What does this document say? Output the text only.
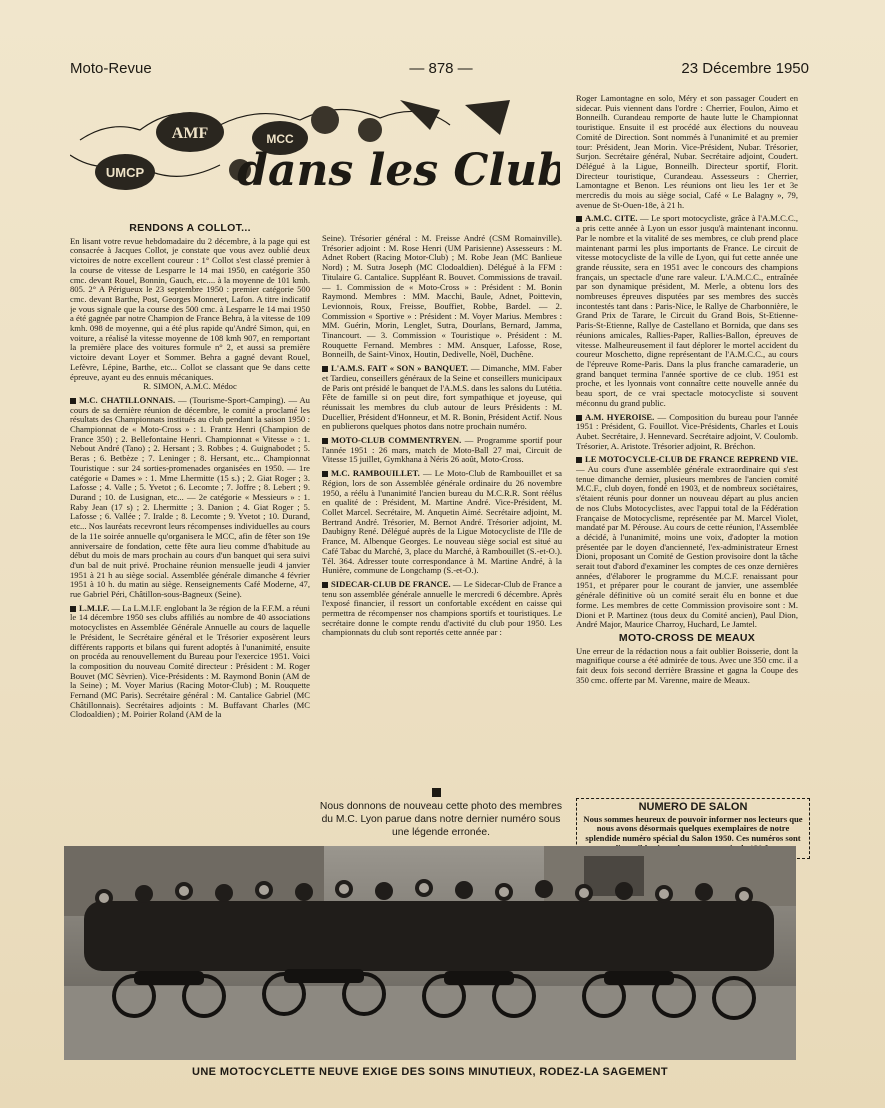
Moto-Revue	— 878 —	23 Décembre 1950
AMF
UMCP
MCC
dans les Clubs
RENDONS A COLLOT...
En lisant votre revue hebdomadaire du 2 décembre, à la page qui est consacrée à Jacques Collot, je constate que vous avez oublié deux victoires de notre excellent coureur : 1° Collot s'est classé premier à la course de vitesse de Lesparre le 14 mai 1950, en catégorie 350 cmc. devant Rouel, Bonnin, Gauch, etc.... à la moyenne de 101 kmh. 805. 2° A Périgueux le 23 septembre 1950 : premier catégorie 500 cmc. devant Barthe, Post, Georges Monneret, Lafon. A titre indicatif je vous signale que la course des 500 cmc. à Lesparre le 14 mai 1950 a été gagnée par notre Champion de France Behra, à la vitesse de 109 kmh. 098 de moyenne, qui a été plus rapide qu'André Simon, qui, en voiture, a réalisé la vitesse moyenne de 108 kmh 907, en remportant la première place des voitures formule n° 2, et aussi sa première victoire devant Loyer et Sommer. Behra a gagné devant Rouel, Lefèvre, Lépine, Barthe, etc... Collot se classant que 9e dans cette épreuve, ayant eu des ennuis mécaniques.
R. SIMON, A.M.C. Médoc
M.C. CHATILLONNAIS. — (Tourisme-Sport-Camping). — Au cours de sa dernière réunion de décembre, le comité a proclamé les résultats des Championnats institués au club pendant la saison 1950 : Championnat de « Moto-Cross » : 1. Frantz Henri (Champion de France 350) ; 2. Bellefontaine Henri. Championnat « Vitesse » : 1. Nebout André (Tano) ; 2. Hersant ; 3. Robbes ; 4. Guignabodet ; 5. Beras ; 6. Betbèze ; 7. Leninger ; 8. Hersant, etc... Championnat Touristique : sur 24 sorties-promenades organisées en 1950. — 1re catégorie « Dames » : 1. Mme Lhermitte (15 s.) ; 2. Giat Roger ; 3. Lafosse ; 4. Valle ; 5. Yvetot ; 6. Lecomte ; 7. Joffre ; 8. Lebert ; 9. Durand ; 10. de Lusignan, etc... — 2e catégorie « Messieurs » : 1. Raby Jean (17 s) ; 2. Lhermitte ; 3. Danion ; 4. Giat Roger ; 5. Lafosse ; 6. Vallée ; 7. Iralde ; 8. Lecomte ; 9. Yvetot ; 10. Durand, etc... Nos lauréats recevront leurs récompenses individuelles au cours de la 11e soirée annuelle qu'organisera le MCC, afin de fêter son 19e anniversaire de fondation, cette fête aura lieu comme d'habitude au début du mois de mars prochain au cours d'un banquet qui sera suivi d'un bal de nuit privé. Prochaine réunion mensuelle jeudi 4 janvier 1951 à 21 h au siège social. Assemblée générale dimanche 4 février 1951 à 10 h. du matin au siège. Renseignements Café Moderne, 47, rue Gabriel Péri, Châtillon-sous-Bagneux (Seine).
L.M.I.F. — La L.M.I.F. englobant la 3e région de la F.F.M. a réuni le 14 décembre 1950 ses clubs affiliés au nombre de 40 associations motocyclistes en Assemblée Générale Annuelle au cours de laquelle le Président, le Secrétaire général et le Trésorier exposèrent leurs différents rapports et bilans qui furent adoptés à l'unanimité, ensuite on procéda au renouvellement du Bureau pour l'exercice 1951. Voici la composition du nouveau Comité directeur : Président : M. Roger Bouvet (MC Sèvrien). Vice-Présidents : M. Raymond Bonin (AM de la Seine) ; M. Voyer Marius (Racing Motor-Club) ; M. Rouquette Fernand (MC Paris). Secrétaire général : M. Cantalice Gabriel (MC Châtillonnais). Secrétaires adjoints : M. Buffavant Charles (MC Clodoaldien) ; M. Poirier Roland (AM de la
Seine). Trésorier général : M. Freisse André (CSM Romainville). Trésorier adjoint : M. Rose Henri (UM Parisienne) Assesseurs : M. Adnet Robert (Racing Motor-Club) ; M. Robe Jean (MC Banlieue Nord) ; M. Sutra Joseph (MC Clodoaldien). Délégué à la FFM : Titulaire G. Cantalice. Suppléant R. Bouvet. Commissions de travail. — 1. Commission de « Moto-Cross » : Président : M. Bonin Raymond. Membres : MM. Macchi, Baule, Adnet, Poittevin, Levionnois, Roux, Freisse, Bouffiet, Robbe, Bardel. — 2. Commission « Sportive » : Président : M. Voyer Marius. Membres : MM. Guérin, Morin, Lenglet, Sutra, Dourlans, Bernard, Jamma, Tinancourt. — 3. Commission « Touristique ». Président : M. Rouquette Fernand. Membres : MM. Ansquer, Lafosse, Rose, Bonneilh, de Saint-Vinox, Houtin, Dedivelle, Noël, Duchêne.
L'A.M.S. FAIT « SON » BANQUET. — Dimanche, MM. Faber et Tardieu, conseillers généraux de la Seine et conseillers municipaux de Paris ont présidé le banquet de l'A.M.S. dans les salons du Lutétia. Fête de famille si on peut dire, fort sympathique et joyeuse, qui réunissait les membres du club autour de leurs Présidents : M. Ducellier, Président d'Honneur, et M. R. Bonin, Président Actif. Nous en publierons quelques photos dans notre prochain numéro.
MOTO-CLUB COMMENTRYEN. — Programme sportif pour l'année 1951 : 26 mars, match de Moto-Ball 27 mai, Circuit de Vitesse 15 juillet, Gymkhana à Néris 26 août, Moto-Cross.
M.C. RAMBOUILLET. — Le Moto-Club de Rambouillet et sa Région, lors de son Assemblée générale ordinaire du 26 novembre 1950, a réélu à l'unanimité l'ancien bureau du M.C.R.R. Sont réélus en qualité de : Président, M. Martine André. Vice-Président, M. Collet Marcel. Secrétaire, M. Anquetin Aimé. Secrétaire adjoint, M. Bertrand André. Trésorier, M. Bernot André. Trésorier adjoint, M. Daubigny René. Délégué auprès de la Ligue Motocycliste de l'Ile de France, M. Albenque Georges. Le nouveau siège social est situé au Café Tabac du Marché, 3, place du Marché, à Rambouillet (S.-et-O.). Tél. 364. Adresser toute correspondance à M. Martine André, à la Hunière, commune de Longchamp (S.-et-O.).
SIDECAR-CLUB DE FRANCE. — Le Sidecar-Club de France a tenu son assemblée générale annuelle le mercredi 6 décembre. Après l'exposé financier, il ressort un confortable excédent en caisse qui permettra de récompenser nos champions sportifs et touristiques. Le secrétaire donne le compte rendu d'activité du club pour 1950. Les championnats du club sont reportés cette année par :
Nous donnons de nouveau cette photo des membres du M.C. Lyon parue dans notre dernier numéro sous une légende erronée.
Roger Lamontagne en solo, Méry et son passager Coudert en sidecar. Puis viennent dans l'ordre : Cherrier, Foulon, Aimo et Bonneilh. Curandeau remporte de haute lutte le Championnat touristique. Ensuite il est procédé aux élections du nouveau Comité de Direction. Sont nommés à l'unanimité et au premier tour: Président, Jean Morin. Vice-Président, Nubar. Trésorier, Surjon. Secrétaire général, Nubar. Secrétaire adjoint, Coudert. Délégué à la Ligue, Bonneilh. Directeur sportif, Florit. Directeur touristique, Curandeau. Assesseurs : Cherrier, Lamontagne et Benon. Les réunions ont lieu les 1er et 3e mercredis du mois au siège social, Café « Le Balagny », 79, avenue de St-Ouen-18e, à 21 h.
A.M.C. CITE. — Le sport motocycliste, grâce à l'A.M.C.C., a pris cette année à Lyon un essor jusqu'à maintenant inconnu. Par le nombre et la vitalité de ses membres, ce club prend place maintenant parmi les plus importants de France. Le circuit de vitesse motocycliste de la ville de Lyon, qui fut cette année une grande réussite, sera en 1951 avec le concours des champions français, un spectacle d'une rare valeur. L'A.M.C.C., entraînée par son dynamique président, M. Merle, a obtenu lors des nombreuses épreuves disputées par ses membres des succès incontestés tant dans : Paris-Nice, le Rallye de Charbonnière, le Grand Prix de Tarare, le Circuit du Grand Bois, St-Etienne-Paris-St-Etienne, Rallye de Castellano et Bornida, que dans ses réunions amicales, Rallies-Paper, Rallies-Ballon, épreuves de vitesse. Malheureusement il faut déplorer le mortel accident du coureur Moschetto, digne représentant de l'A.M.C.C., au cours de l'épreuve Rome-Paris. Dans la plus franche camaraderie, un grand banquet termina l'année sportive de ce club. 1951 est proche, et les lyonnais vont connaître cette nouvelle année du beau sport, de ce vrai spectacle motocycliste si souvent méconnu du grand public.
A.M. HYEROISE. — Composition du bureau pour l'année 1951 : Président, G. Fouillot. Vice-Présidents, Charles et Louis Aubet. Secrétaire, J. Hennevard. Secrétaire adjoint, V. Coulomb. Trésorier, A. Aristote. Trésorier adjoint, R. Bréchon.
LE MOTOCYCLE-CLUB DE FRANCE REPREND VIE. — Au cours d'une assemblée générale extraordinaire qui s'est tenue dimanche dernier, plusieurs membres de l'ancien comité M.C.F., club doyen, fondé en 1903, et de nombreux sociétaires, s'étaient réunis pour donner un nouveau départ au plus ancien de nos Clubs Motocyclistes, avec l'appui total de la Fédération Française de Motocyclisme, représentée par M. Marcel Violet, mandaté par M. Pérouse. Au cours de cette réunion, l'Assemblée a décidé, à l'unanimité, moins une voix, d'adopter la motion présentée par le doyen d'ancienneté, l'ex-administrateur Ernest Dioni, proposant un Comité de Gestion provisoire dont la tâche serait tout d'abord d'examiner les comptes de ces onze dernières années, d'élaborer le programme du M.C.F. renaissant pour 1951, et préparer pour le courant de janvier, une assemblée générale définitive où un comité serait élu en bonne et due forme. Les membres de cette Commission provisoire sont : M. Dioni et P. Martinez (tous deux du Comité ancien), Paul Dion, André Major, Maurice Charroy, Huchard, Le Jamtel.
MOTO-CROSS DE MEAUX
Une erreur de la rédaction nous a fait oublier Boisserie, dont la magnifique course a été admirée de tous. Avec une 350 cmc. il a fait deux fois second derrière Brassine et gagna la Coupe des 350 cmc. offerte par M. Varenne, maire de Meaux.
NUMERO DE SALON
Nous sommes heureux de pouvoir informer nos lecteurs que nous avons désormais quelques exemplaires de notre splendide numéro spécial du Salon 1950. Ces numéros sont
UNE MOTOCYCLETTE NEUVE EXIGE DES SOINS MINUTIEUX, RODEZ-LA SAGEMENT
